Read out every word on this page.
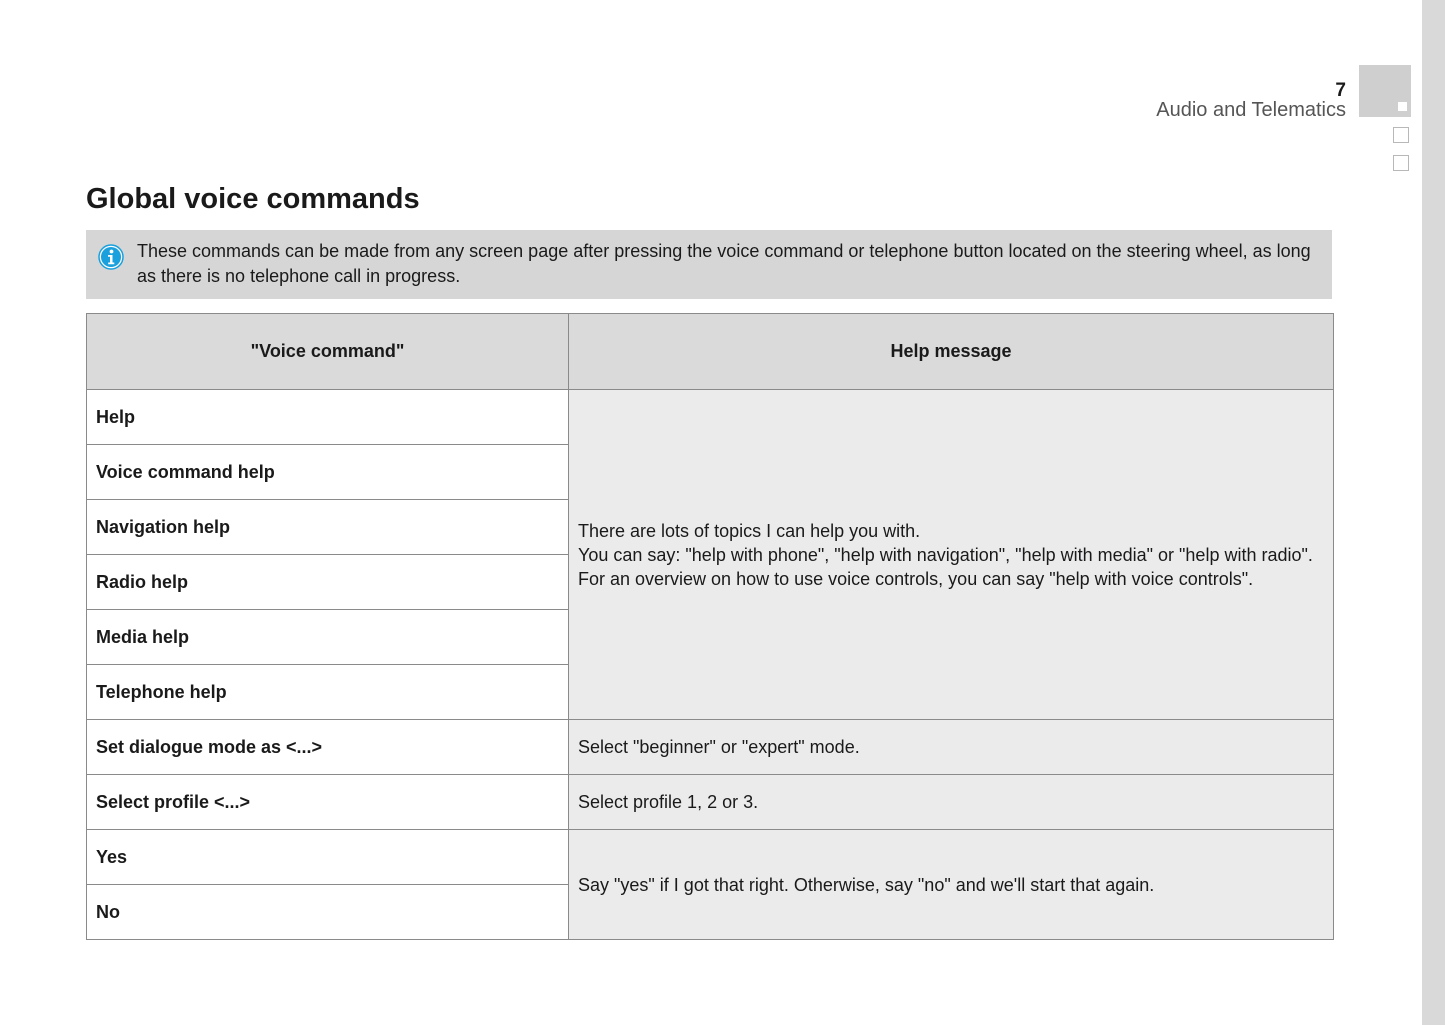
7
Audio and Telematics
Global voice commands
These commands can be made from any screen page after pressing the voice command or telephone button located on the steering wheel, as long as there is no telephone call in progress.
"Voice command"	Help message
Help	There are lots of topics I can help you with.
You can say: "help with phone", "help with navigation", "help with media" or "help with radio".
For an overview on how to use voice controls, you can say "help with voice controls".

Voice command help	
Navigation help	
Radio help	
Media help	
Telephone help	
Set dialogue mode as <...>	Select "beginner" or "expert" mode.
Select profile <...>	Select profile 1, 2 or 3.
Yes	Say "yes" if I got that right. Otherwise, say "no" and we'll start that again.
No	
